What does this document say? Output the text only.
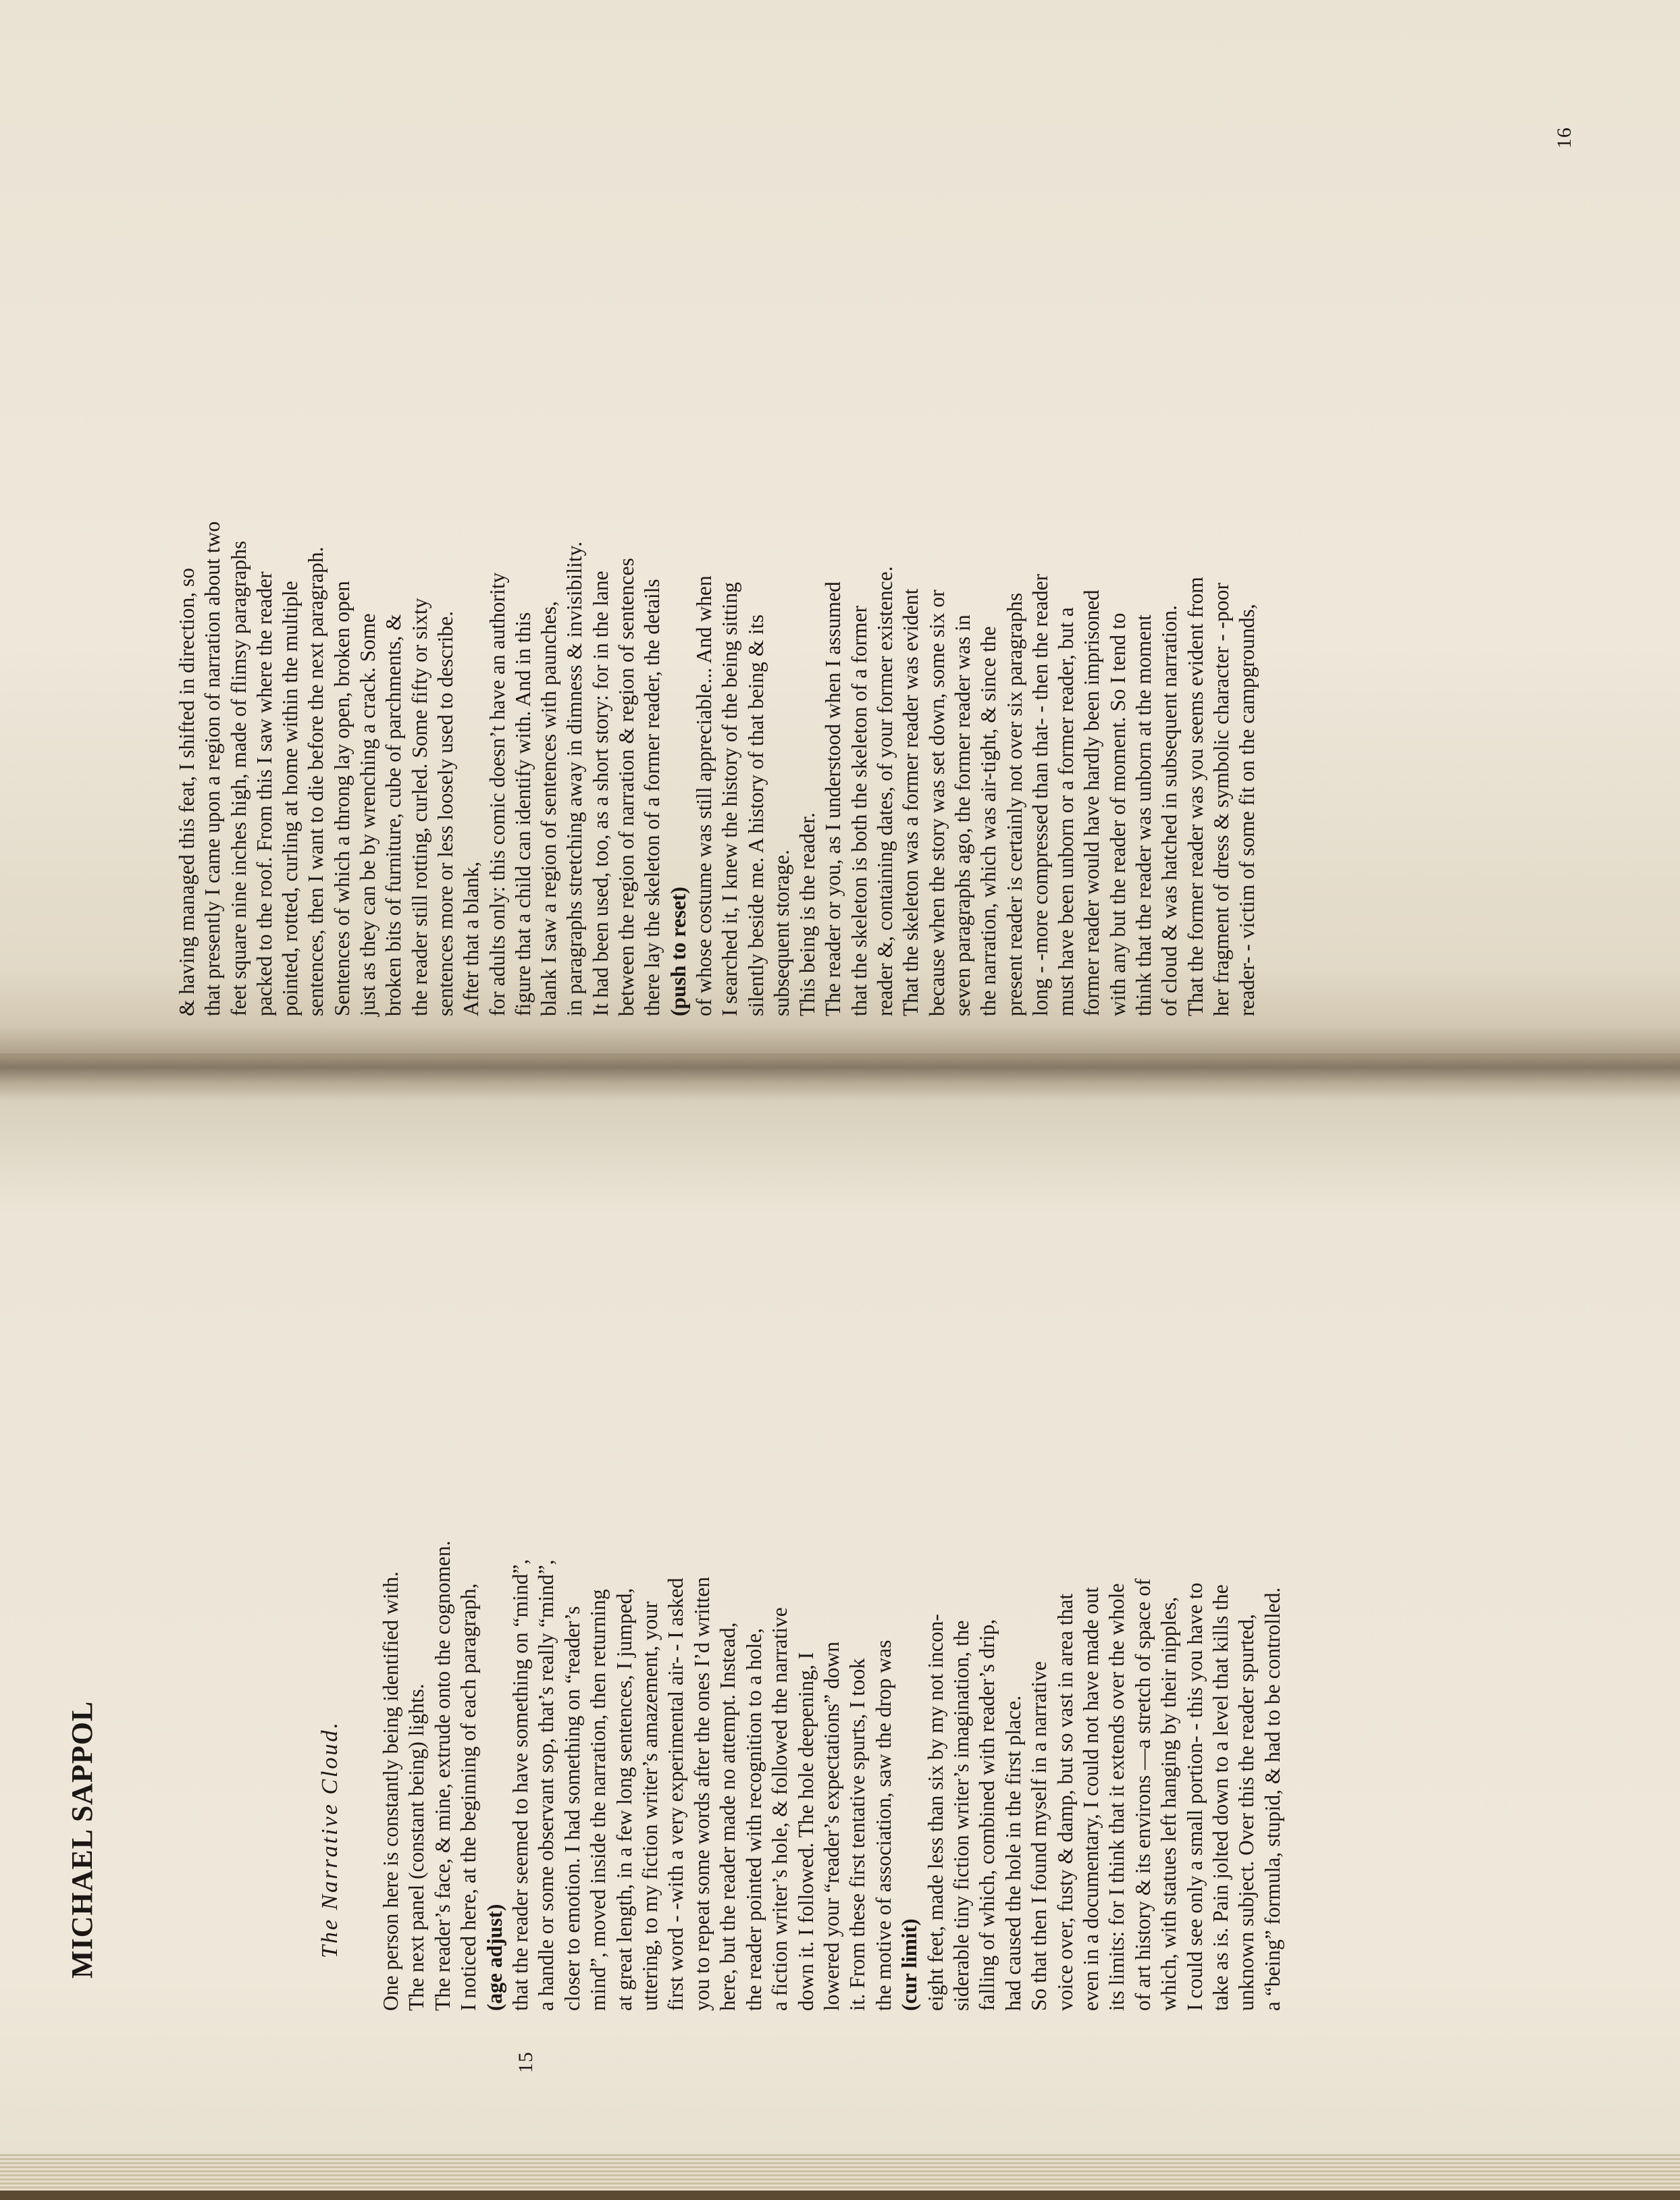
15
16
MICHAEL SAPPOL	The Narrative Cloud. One person here is constantly being identified with. The next panel (constant being) lights. The reader’s face, & mine, extrude onto the cognomen. I noticed here, at the beginning of each paragraph, (age adjust) that the reader seemed to have something on “mind”, a handle or some observant sop, that’s really “mind”, closer to emotion. I had something on “reader’s mind”, moved inside the narration, then returning at great length, in a few long sentences, I jumped, uttering, to my fiction writer’s amazement, your first word - -with a very experimental air- - I asked you to repeat some words after the ones I’d written here, but the reader made no attempt. Instead, the reader pointed with recognition to a hole, a fiction writer’s hole, & followed the narrative down it. I followed. The hole deepening, I lowered your “reader’s expectations” down it. From these first tentative spurts, I took the motive of association, saw the drop was (cur limit) eight feet, made less than six by my not incon- siderable tiny fiction writer’s imagination, the falling of which, combined with reader’s drip, had caused the hole in the first place. So that then I found myself in a narrative voice over, fusty & damp, but so vast in area that even in a documentary, I could not have made out its limits: for I think that it extends over the whole of art history & its environs —a stretch of space of which, with statues left hanging by their nipples, I could see only a small portion- - this you have to take as is. Pain jolted down to a level that kills the unknown subject. Over this the reader spurted, a “being” formula, stupid, & had to be controlled.
& having managed this feat, I shifted in direction, so that presently I came upon a region of narration about two feet square nine inches high, made of flimsy paragraphs packed to the roof. From this I saw where the reader pointed, rotted, curling at home within the multiple sentences, then I want to die before the next paragraph. Sentences of which a throng lay open, broken open just as they can be by wrenching a crack. Some broken bits of furniture, cube of parchments, & the reader still rotting, curled. Some fifty or sixty sentences more or less loosely used to describe. After that a blank, for adults only: this comic doesn’t have an authority figure that a child can identify with. And in this blank I saw a region of sentences with paunches, in paragraphs stretching away in dimness & invisibility. It had been used, too, as a short story: for in the lane between the region of narration & region of sentences there lay the skeleton of a former reader, the details (push to reset) of whose costume was still appreciable... And when I searched it, I knew the history of the being sitting silently beside me. A history of that being & its subsequent storage. This being is the reader. The reader or you, as I understood when I assumed that the skeleton is both the skeleton of a former reader &, containing dates, of your former existence. That the skeleton was a former reader was evident because when the story was set down, some six or seven paragraphs ago, the former reader was in the narration, which was air-tight, & since the present reader is certainly not over six paragraphs long - -more compressed than that- - then the reader must have been unborn or a former reader, but a former reader would have hardly been imprisoned with any but the reader of moment. So I tend to think that the reader was unborn at the moment of cloud & was hatched in subsequent narration. That the former reader was you seems evident from her fragment of dress & symbolic character - -poor reader- - victim of some fit on the campgrounds,
